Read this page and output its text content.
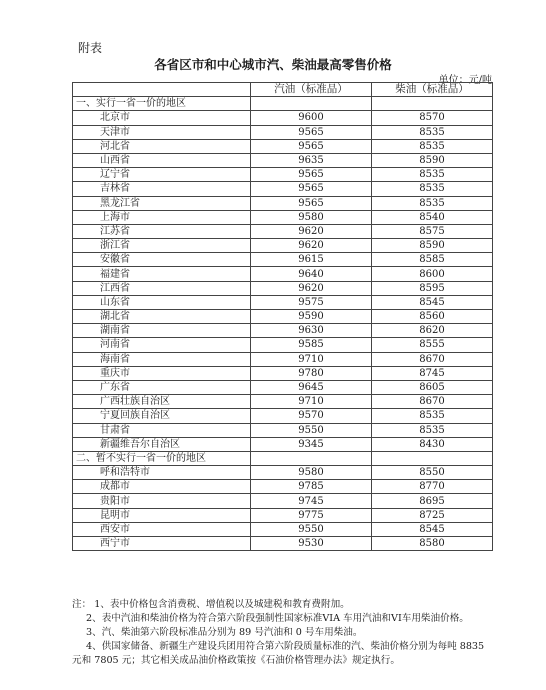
附表
各省区市和中心城市汽、柴油最高零售价格
单位：元/吨
	汽油（标准品）	柴油（标准品）
一、实行一省一价的地区		
北京市	9600	8570
天津市	9565	8535
河北省	9565	8535
山西省	9635	8590
辽宁省	9565	8535
吉林省	9565	8535
黑龙江省	9565	8535
上海市	9580	8540
江苏省	9620	8575
浙江省	9620	8590
安徽省	9615	8585
福建省	9640	8600
江西省	9620	8595
山东省	9575	8545
湖北省	9590	8560
湖南省	9630	8620
河南省	9585	8555
海南省	9710	8670
重庆市	9780	8745
广东省	9645	8605
广西壮族自治区	9710	8670
宁夏回族自治区	9570	8535
甘肃省	9550	8535
新疆维吾尔自治区	9345	8430
二、暂不实行一省一价的地区		
呼和浩特市	9580	8550
成都市	9785	8770
贵阳市	9745	8695
昆明市	9775	8725
西安市	9550	8545
西宁市	9530	8580

注： 1、表中价格包含消费税、增值税以及城建税和教育费附加。

2、表中汽油和柴油价格为符合第六阶段强制性国家标准VIA 车用汽油和VI车用柴油价格。

3、汽、柴油第六阶段标准品分别为 89 号汽油和 0 号车用柴油。

4、供国家储备、新疆生产建设兵团用符合第六阶段质量标准的汽、柴油价格分别为每吨 8835 元和 7805 元；其它相关成品油价格政策按《石油价格管理办法》规定执行。
